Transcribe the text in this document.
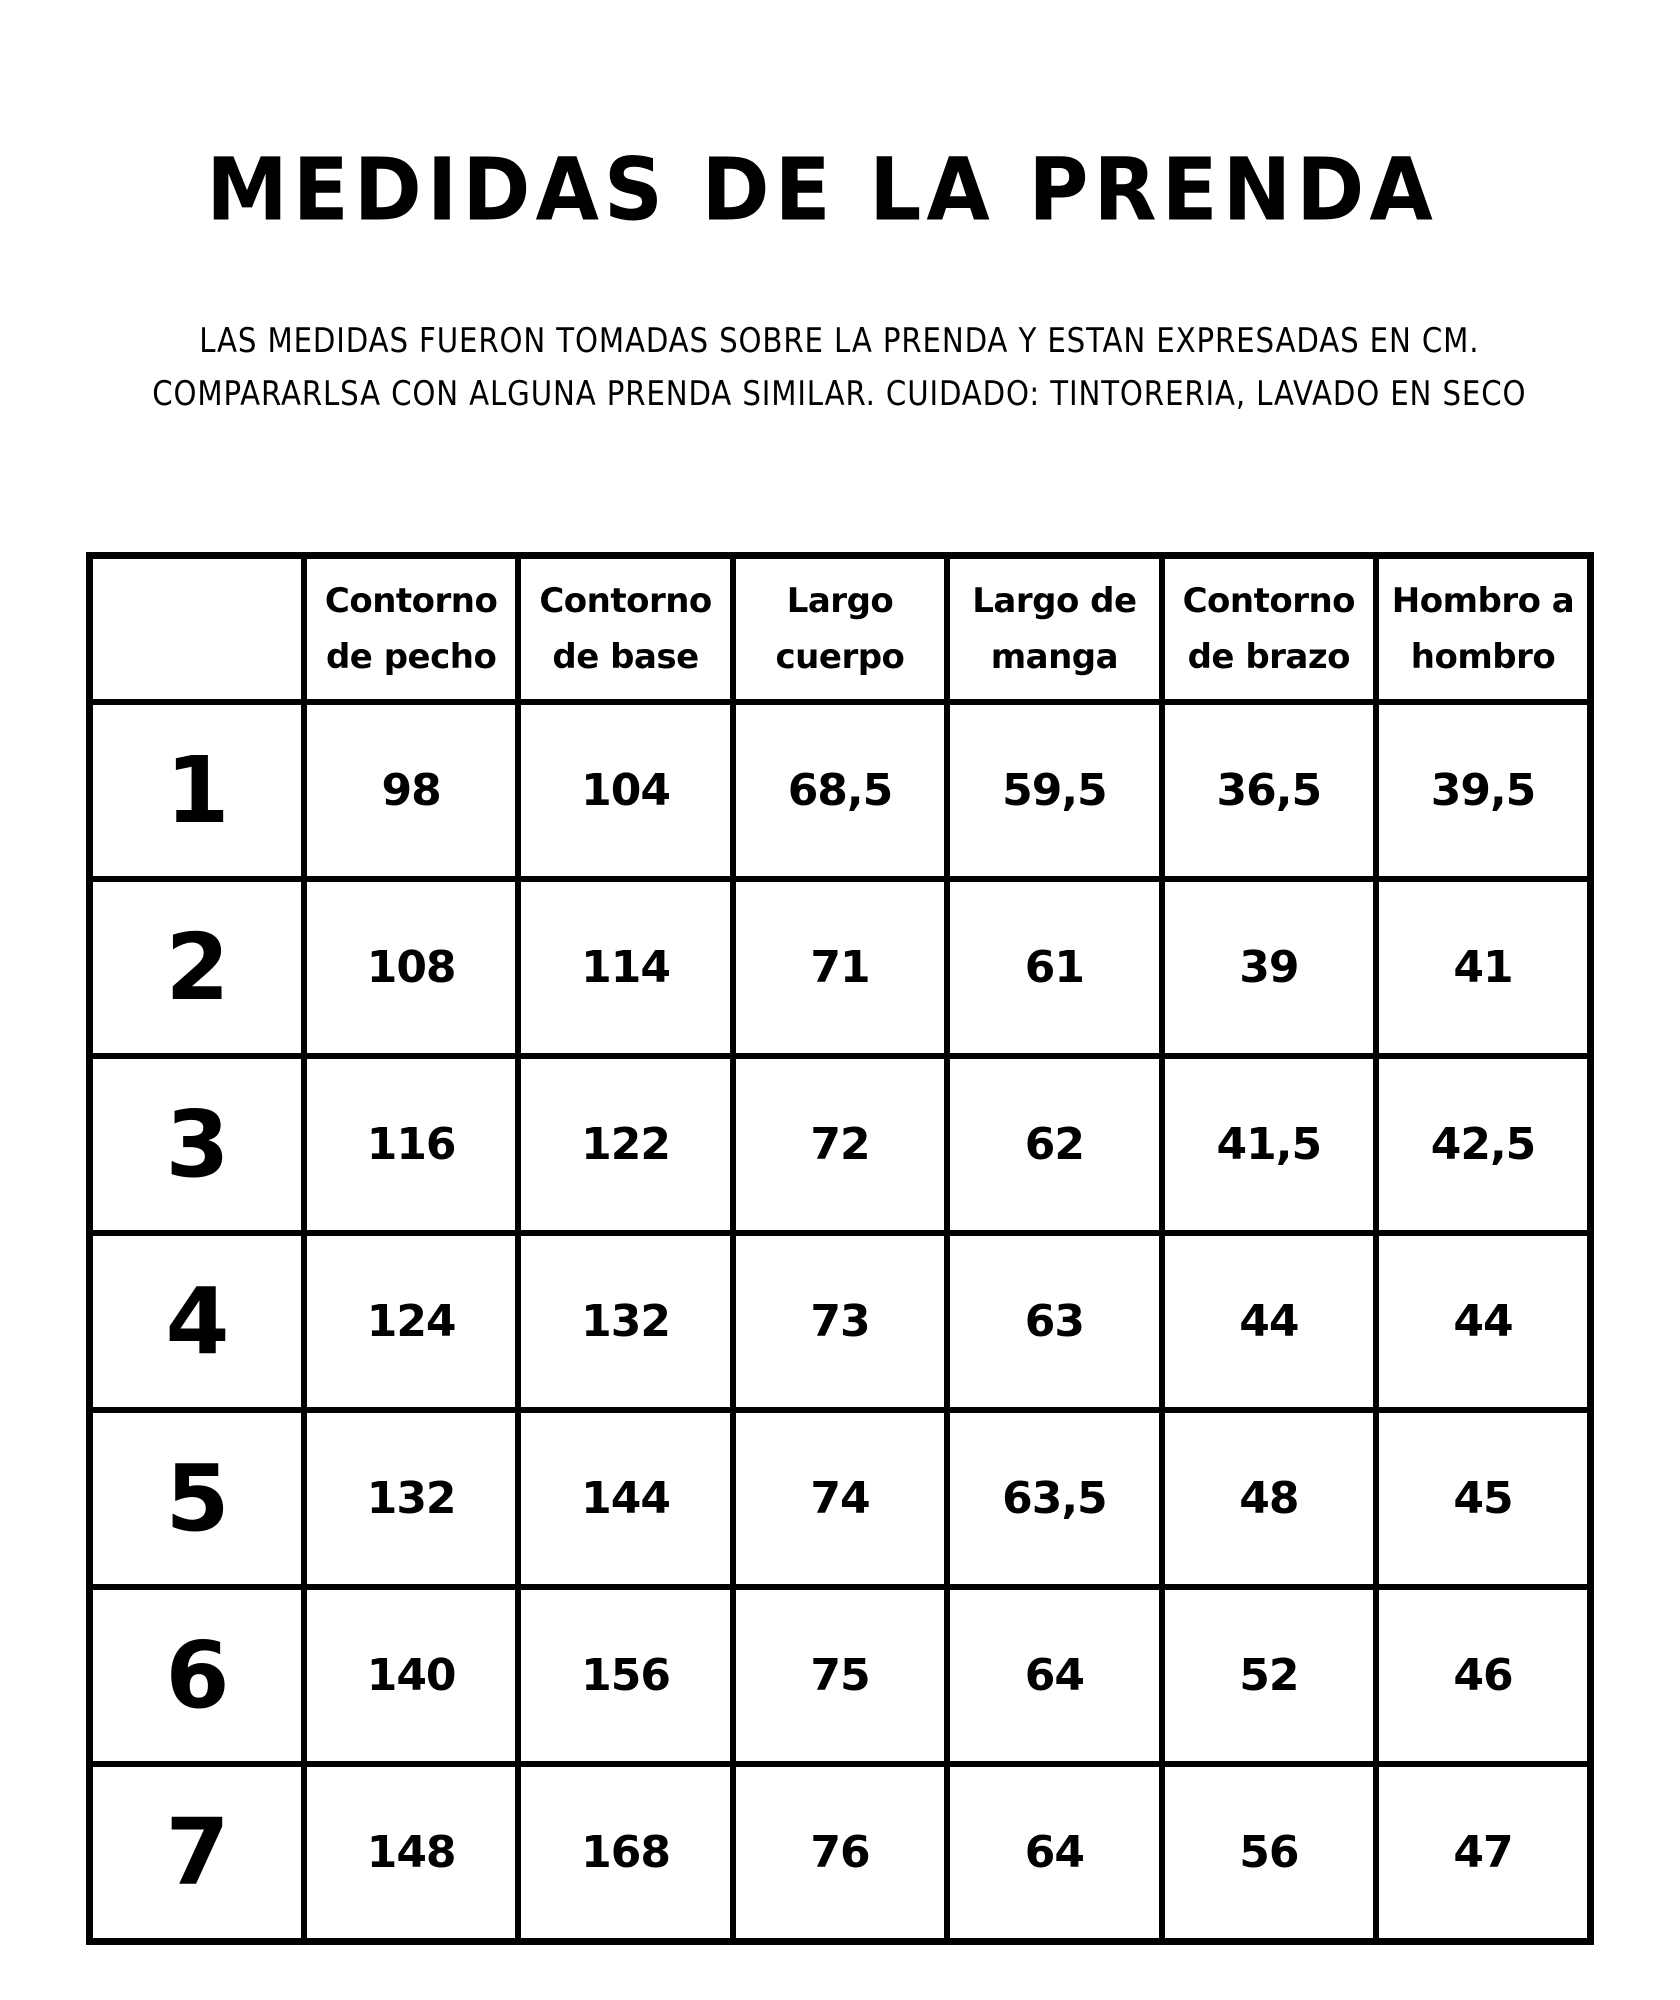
MEDIDAS DE LA PRENDA
LAS MEDIDAS FUERON TOMADAS SOBRE LA PRENDA Y ESTAN EXPRESADAS EN CM.
COMPARARLSA CON ALGUNA PRENDA SIMILAR. CUIDADO: TINTORERIA, LAVADO EN SECO
	Contorno de pecho	Contorno de base	Largo cuerpo	Largo de manga	Contorno de brazo	Hombro a hombro
1	98	104	68,5	59,5	36,5	39,5
2	108	114	71	61	39	41
3	116	122	72	62	41,5	42,5
4	124	132	73	63	44	44
5	132	144	74	63,5	48	45
6	140	156	75	64	52	46
7	148	168	76	64	56	47
